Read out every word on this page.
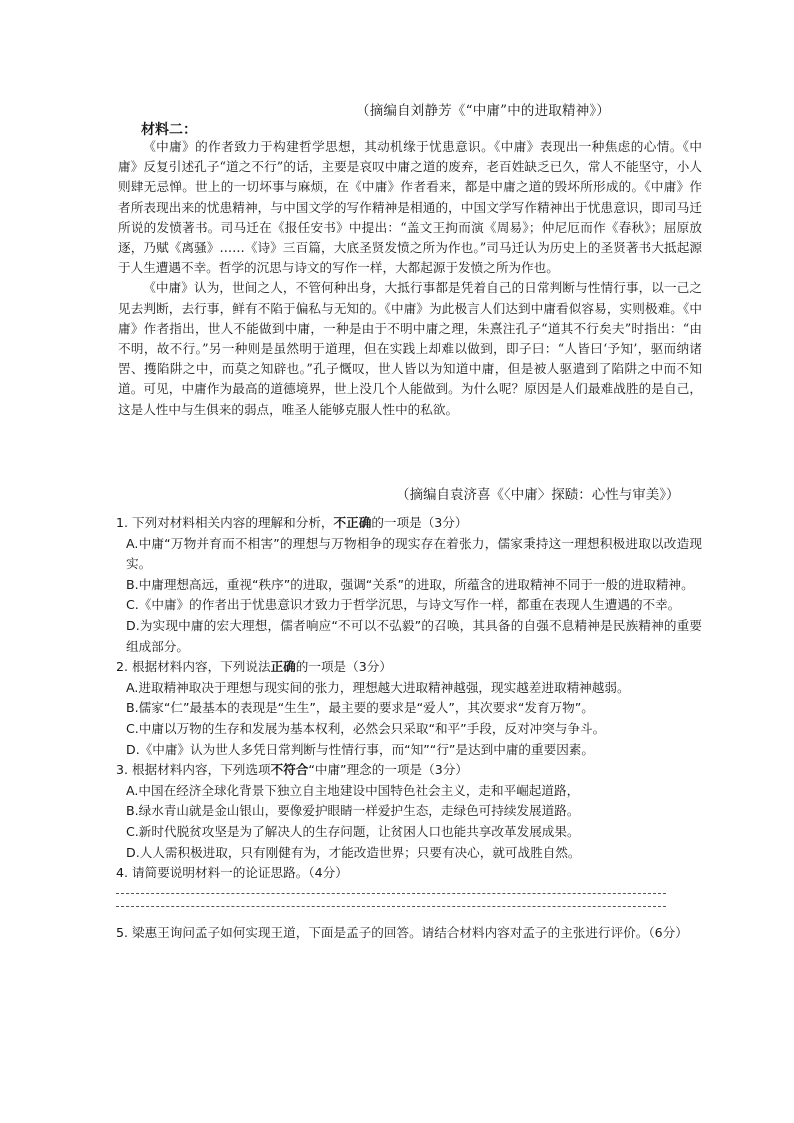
（摘编自刘静芳《“中庸”中的进取精神》）
材料二：

《中庸》的作者致力于构建哲学思想，其动机缘于忧患意识。《中庸》表现出一种焦虑的心情。《中庸》反复引述孔子“道之不行”的话，主要是哀叹中庸之道的废弃，老百姓缺乏已久，常人不能坚守，小人则肆无忌惮。世上的一切坏事与麻烦，在《中庸》作者看来，都是中庸之道的毁坏所形成的。《中庸》作者所表现出来的忧患精神，与中国文学的写作精神是相通的，中国文学写作精神出于忧患意识，即司马迁所说的发愤著书。司马迁在《报任安书》中提出：“盖文王拘而演《周易》；仲尼厄而作《春秋》；屈原放逐，乃赋《离骚》……《诗》三百篇，大底圣贤发愤之所为作也。”司马迁认为历史上的圣贤著书大抵起源于人生遭遇不幸。哲学的沉思与诗文的写作一样，大都起源于发愤之所为作也。

《中庸》认为，世间之人，不管何种出身，大抵行事都是凭着自己的日常判断与性情行事，以一己之见去判断，去行事，鲜有不陷于偏私与无知的。《中庸》为此极言人们达到中庸看似容易，实则极难。《中庸》作者指出，世人不能做到中庸，一种是由于不明中庸之理，朱熹注孔子“道其不行矣夫”时指出：“由不明，故不行。”另一种则是虽然明于道理，但在实践上却难以做到，即子曰：“人皆曰‘予知’，驱而纳诸罟、擭陷阱之中，而莫之知辟也。”孔子慨叹，世人皆以为知道中庸，但是被人驱遣到了陷阱之中而不知道。可见，中庸作为最高的道德境界，世上没几个人能做到。为什么呢？原因是人们最难战胜的是自己，这是人性中与生俱来的弱点，唯圣人能够克服人性中的私欲。

（摘编自袁济喜《〈中庸〉探赜：心性与审美》）

1. 下列对材料相关内容的理解和分析，不正确的一项是（3分）

A.中庸“万物并育而不相害”的理想与万物相争的现实存在着张力，儒家秉持这一理想积极进取以改造现实。

B.中庸理想高远，重视“秩序”的进取，强调“关系”的进取，所蕴含的进取精神不同于一般的进取精神。

C.《中庸》的作者出于忧患意识才致力于哲学沉思，与诗文写作一样，都重在表现人生遭遇的不幸。

D.为实现中庸的宏大理想，儒者响应“不可以不弘毅”的召唤，其具备的自强不息精神是民族精神的重要组成部分。

2. 根据材料内容，下列说法正确的一项是（3分）

A.进取精神取决于理想与现实间的张力，理想越大进取精神越强，现实越差进取精神越弱。

B.儒家“仁”最基本的表现是“生生”，最主要的要求是“爱人”，其次要求“发育万物”。

C.中庸以万物的生存和发展为基本权利，必然会只采取“和平”手段，反对冲突与争斗。

D.《中庸》认为世人多凭日常判断与性情行事，而“知”“行”是达到中庸的重要因素。

3. 根据材料内容，下列选项不符合“中庸”理念的一项是（3分）

A.中国在经济全球化背景下独立自主地建设中国特色社会主义，走和平崛起道路，

B.绿水青山就是金山银山，要像爱护眼睛一样爱护生态，走绿色可持续发展道路。

C.新时代脱贫攻坚是为了解决人的生存问题，让贫困人口也能共享改革发展成果。

D.人人需积极进取，只有刚健有为，才能改造世界；只要有决心，就可战胜自然。

4. 请简要说明材料一的论证思路。（4分）

5. 梁惠王询问孟子如何实现王道，下面是孟子的回答。请结合材料内容对孟子的主张进行评价。（6分）
